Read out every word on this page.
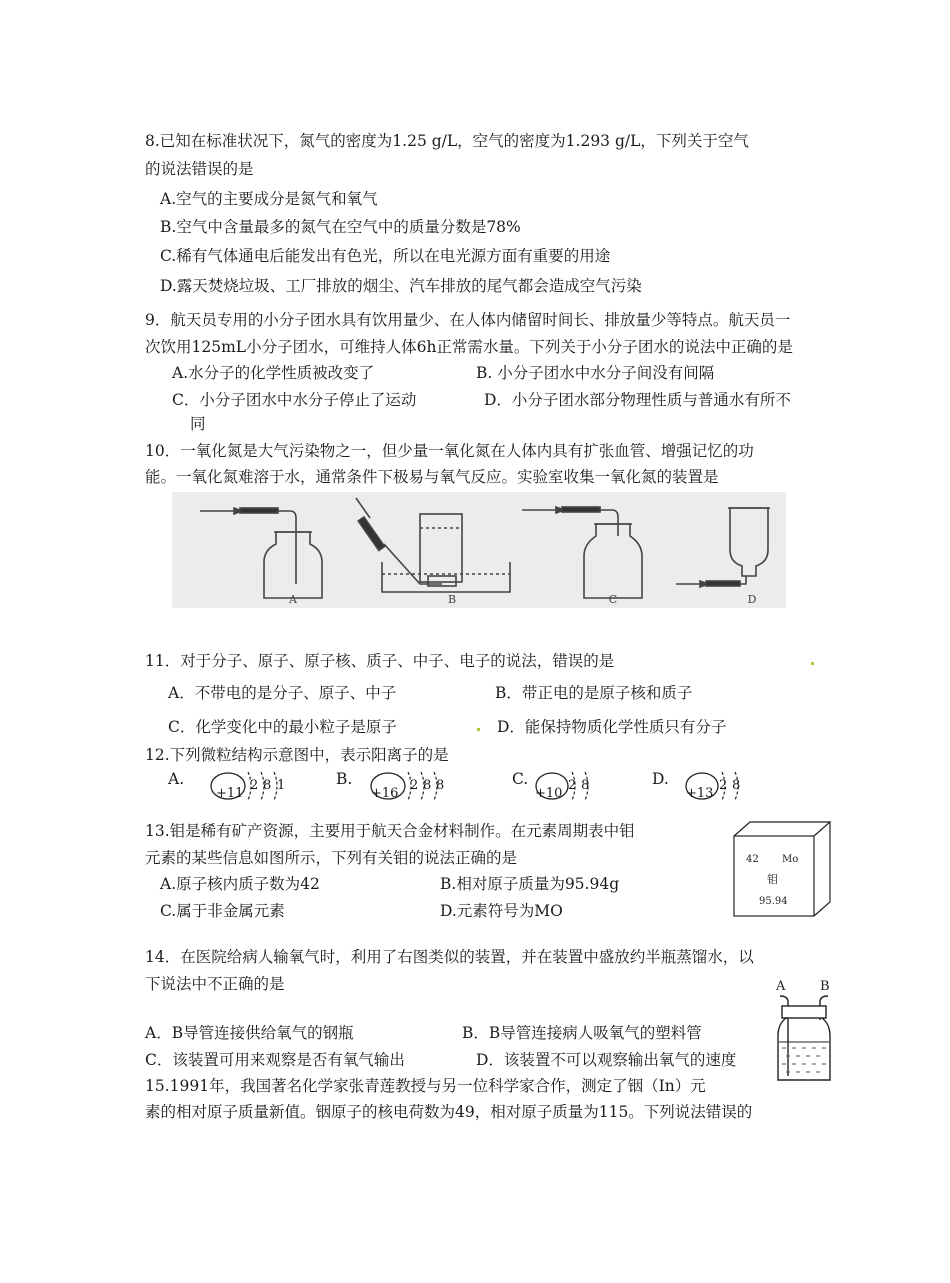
8.已知在标准状况下，氮气的密度为1.25 g/L，空气的密度为1.293 g/L，下列关于空气
的说法错误的是
A.空气的主要成分是氮气和氧气
B.空气中含量最多的氮气在空气中的质量分数是78%
C.稀有气体通电后能发出有色光，所以在电光源方面有重要的用途
D.露天焚烧垃圾、工厂排放的烟尘、汽车排放的尾气都会造成空气污染
9．航天员专用的小分子团水具有饮用量少、在人体内储留时间长、排放量少等特点。航天员一
次饮用125mL小分子团水，可维持人体6h正常需水量。下列关于小分子团水的说法中正确的是
A.水分子的化学性质被改变了	B. 小分子团水中水分子间没有间隔
C．小分子团水中水分子停止了运动	D．小分子团水部分物理性质与普通水有所不
同
10．一氧化氮是大气污染物之一，但少量一氧化氮在人体内具有扩张血管、增强记忆的功
能。一氧化氮难溶于水，通常条件下极易与氧气反应。实验室收集一氧化氮的装置是
A	B	C	D
11．对于分子、原子、原子核、质子、中子、电子的说法，错误的是
A．不带电的是分子、原子、中子	B．带正电的是原子核和质子
C．化学变化中的最小粒子是原子	D．能保持物质化学性质只有分子
12.下列微粒结构示意图中，表示阳离子的是
A.
+11
2 8 1	B.
+16
2 8 8	C.
+10
2 8	D.
+13
2 8
13.钼是稀有矿产资源，主要用于航天合金材料制作。在元素周期表中钼
元素的某些信息如图所示，下列有关钼的说法正确的是
A.原子核内质子数为42	B.相对原子质量为95.94g
C.属于非金属元素	D.元素符号为MO
42 Mo
钼
95.94
14．在医院给病人输氧气时，利用了右图类似的装置，并在装置中盛放约半瓶蒸馏水，以
下说法中不正确的是	A	B
A．B导管连接供给氧气的钢瓶	B．B导管连接病人吸氧气的塑料管
C．该装置可用来观察是否有氧气输出	D．该装置不可以观察输出氧气的速度
15.1991年，我国著名化学家张青莲教授与另一位科学家合作，测定了铟（In）元
素的相对原子质量新值。铟原子的核电荷数为49，相对原子质量为115。下列说法错误的
